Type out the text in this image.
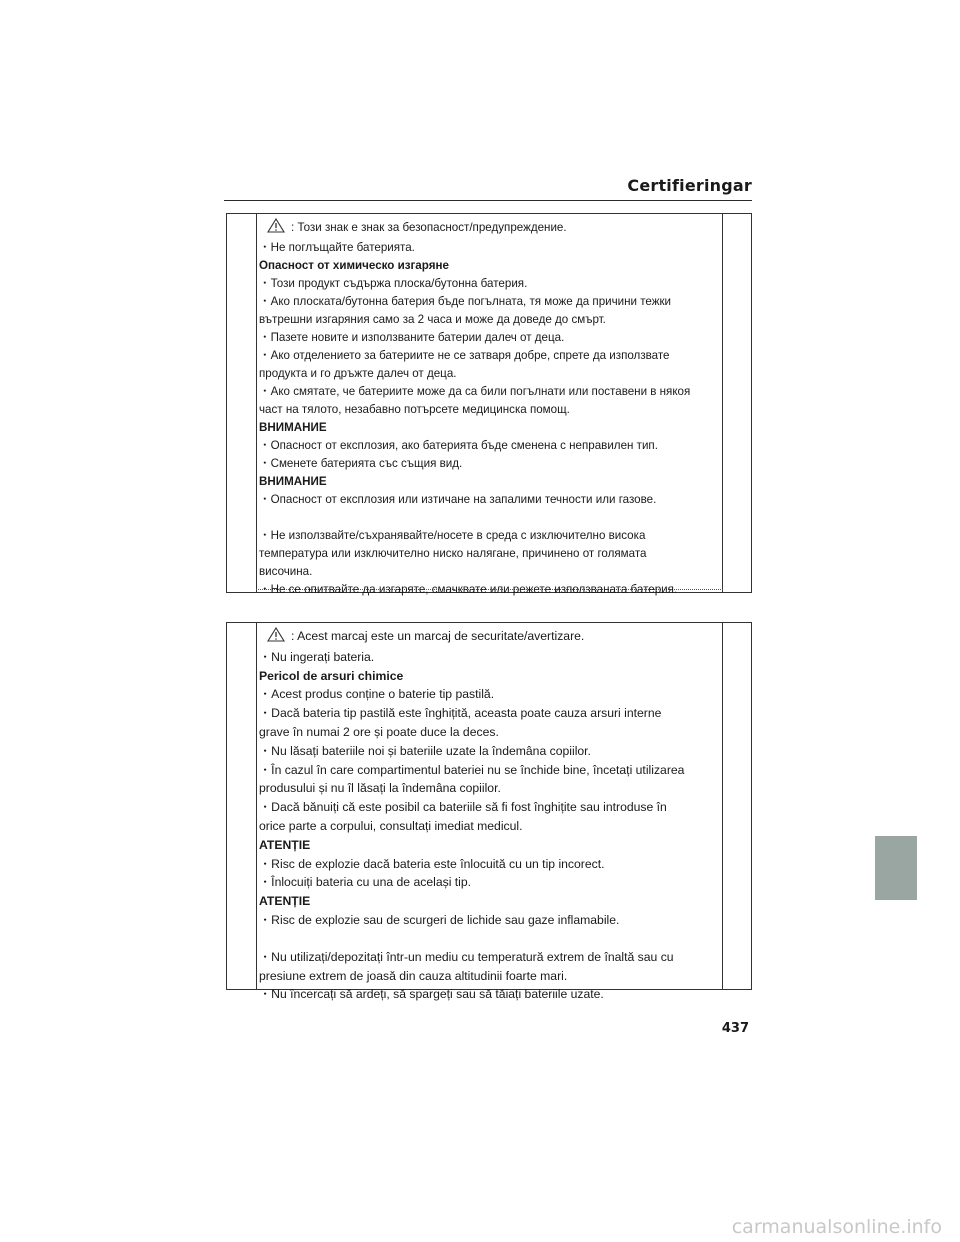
Certifieringar
: Този знак е знак за безопасност/предупреждение.
・Не поглъщайте батерията.
Опасност от химическо изгаряне
・Този продукт съдържа плоска/бутонна батерия.
・Ако плоската/бутонна батерия бъде погълната, тя може да причини тежки
вътрешни изгаряния само за 2 часа и може да доведе до смърт.
・Пазете новите и използваните батерии далеч от деца.
・Ако отделението за батериите не се затваря добре, спрете да използвате
продукта и го дръжте далеч от деца.
・Ако смятате, че батериите може да са били погълнати или поставени в някоя
част на тялото, незабавно потърсете медицинска помощ.
ВНИМАНИЕ
・Опасност от експлозия, ако батерията бъде сменена с неправилен тип.
・Сменете батерията със същия вид.
ВНИМАНИЕ
・Опасност от експлозия или изтичане на запалими течности или газове.
・Не използвайте/съхранявайте/носете в среда с изключително висока
температура или изключително ниско налягане, причинено от голямата
височина.
・Не се опитвайте да изгаряте, смачквате или режете използваната батерия.
: Acest marcaj este un marcaj de securitate/avertizare.
・Nu ingerați bateria.
Pericol de arsuri chimice
・Acest produs conține o baterie tip pastilă.
・Dacă bateria tip pastilă este înghițită, aceasta poate cauza arsuri interne
grave în numai 2 ore și poate duce la deces.
・Nu lăsați bateriile noi și bateriile uzate la îndemâna copiilor.
・În cazul în care compartimentul bateriei nu se închide bine, încetați utilizarea
produsului și nu îl lăsați la îndemâna copiilor.
・Dacă bănuiți că este posibil ca bateriile să fi fost înghițite sau introduse în
orice parte a corpului, consultați imediat medicul.
ATENȚIE
・Risc de explozie dacă bateria este înlocuită cu un tip incorect.
・Înlocuiți bateria cu una de același tip.
ATENȚIE
・Risc de explozie sau de scurgeri de lichide sau gaze inflamabile.
・Nu utilizați/depozitați într-un mediu cu temperatură extrem de înaltă sau cu
presiune extrem de joasă din cauza altitudinii foarte mari.
・Nu încercați să ardeți, să spargeți sau să tăiați bateriile uzate.
437
carmanualsonline.info
